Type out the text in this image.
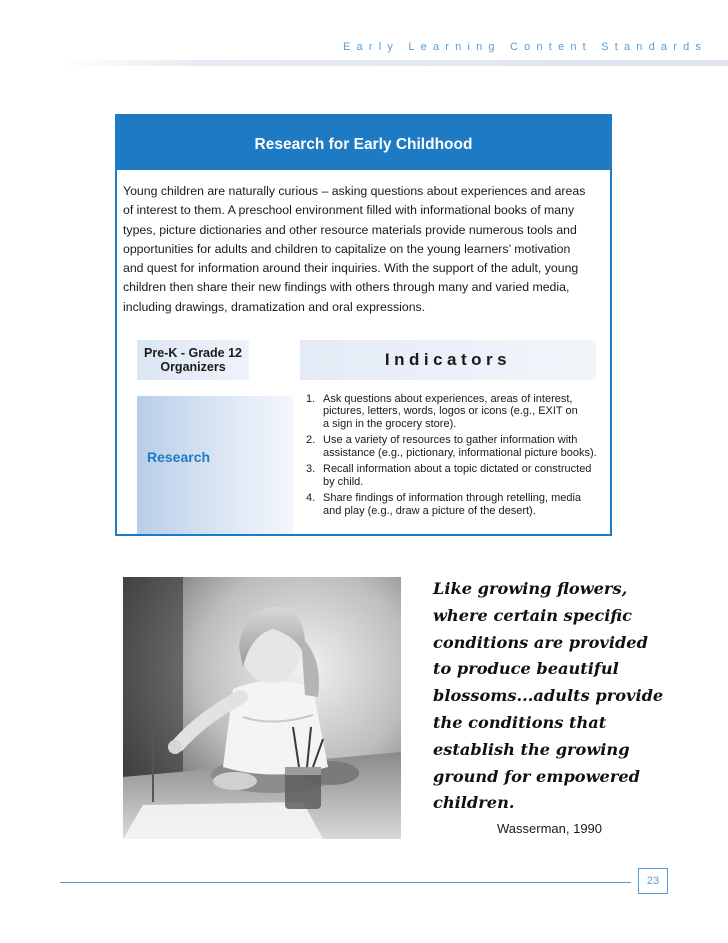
Early Learning Content Standards
Research for Early Childhood

Young children are naturally curious – asking questions about experiences and areas
of interest to them. A preschool environment filled with informational books of many
types, picture dictionaries and other resource materials provide numerous tools and
opportunities for adults and children to capitalize on the young learners’ motivation
and quest for information around their inquiries. With the support of the adult, young
children then share their new findings with others through many and varied media,
including drawings, dramatization and oral expressions.

Pre-K - Grade 12
Organizers	Indicators
Research
1. Ask questions about experiences, areas of interest,
pictures, letters, words, logos or icons (e.g., EXIT on
a sign in the grocery store).
2. Use a variety of resources to gather information with
assistance (e.g., pictionary, informational picture books).
3. Recall information about a topic dictated or constructed
by child.
4. Share findings of information through retelling, media
and play (e.g., draw a picture of the desert).
Like growing flowers,
where certain specific
conditions are provided
to produce beautiful
blossoms...adults provide
the conditions that
establish the growing
ground for empowered
children.
Wasserman, 1990
23
